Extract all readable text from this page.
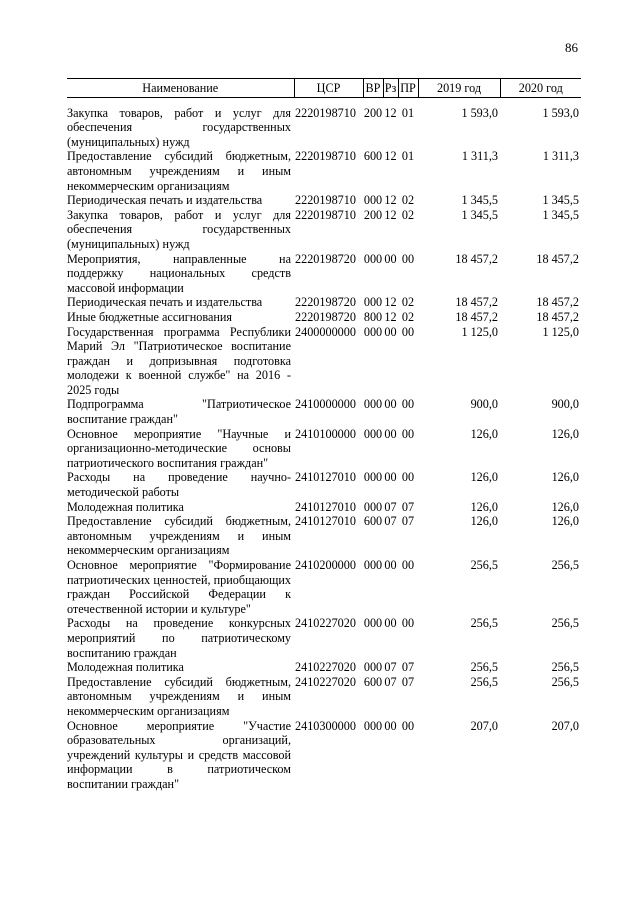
86
Наименование	ЦСР	ВР	Рз	ПР	2019 год	2020 год
Закупка товаров, работ и услуг для обеспечения государственных (муниципальных) нужд	2220198710	200	12	01	1 593,0	1 593,0
Предоставление субсидий бюджетным, автономным учреждениям и иным некоммерческим организациям	2220198710	600	12	01	1 311,3	1 311,3
Периодическая печать и издательства	2220198710	000	12	02	1 345,5	1 345,5
Закупка товаров, работ и услуг для обеспечения государственных (муниципальных) нужд	2220198710	200	12	02	1 345,5	1 345,5
Мероприятия, направленные на поддержку национальных средств массовой информации	2220198720	000	00	00	18 457,2	18 457,2
Периодическая печать и издательства	2220198720	000	12	02	18 457,2	18 457,2
Иные бюджетные ассигнования	2220198720	800	12	02	18 457,2	18 457,2
Государственная программа Республики Марий Эл "Патриотическое воспитание граждан и допризывная подготовка молодежи к военной службе" на 2016 - 2025 годы	2400000000	000	00	00	1 125,0	1 125,0
Подпрограмма "Патриотическое воспитание граждан"	2410000000	000	00	00	900,0	900,0
Основное мероприятие "Научные и организационно-методические основы патриотического воспитания граждан"	2410100000	000	00	00	126,0	126,0
Расходы на проведение научно-методической работы	2410127010	000	00	00	126,0	126,0
Молодежная политика	2410127010	000	07	07	126,0	126,0
Предоставление субсидий бюджетным, автономным учреждениям и иным некоммерческим организациям	2410127010	600	07	07	126,0	126,0
Основное мероприятие "Формирование патриотических ценностей, приобщающих граждан Российской Федерации к отечественной истории и культуре"	2410200000	000	00	00	256,5	256,5
Расходы на проведение конкурсных мероприятий по патриотическому воспитанию граждан	2410227020	000	00	00	256,5	256,5
Молодежная политика	2410227020	000	07	07	256,5	256,5
Предоставление субсидий бюджетным, автономным учреждениям и иным некоммерческим организациям	2410227020	600	07	07	256,5	256,5
Основное мероприятие "Участие образовательных организаций, учреждений культуры и средств массовой информации в патриотическом воспитании граждан"	2410300000	000	00	00	207,0	207,0
